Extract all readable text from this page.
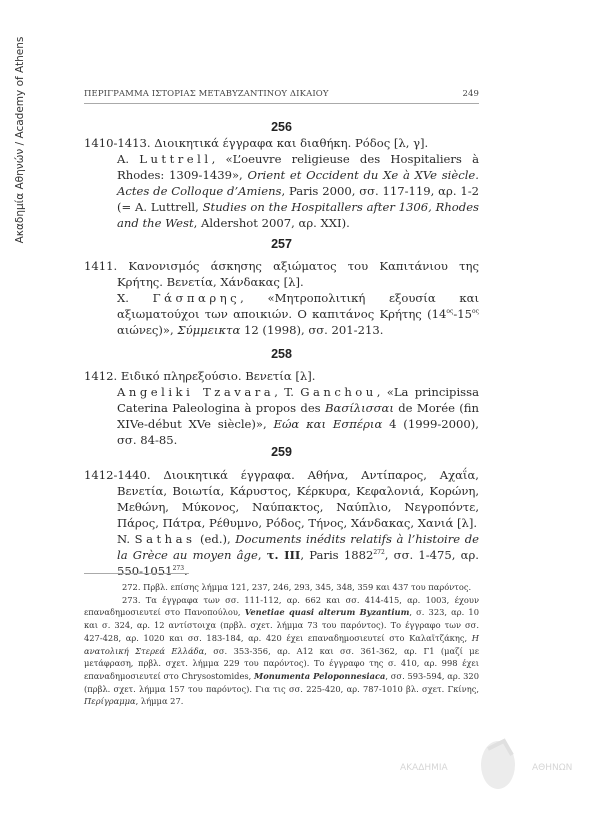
Ακαδημία Αθηνών / Academy of Athens	ΠΕΡΙΓΡΑΜΜΑ ΙΣΤΟΡΙΑΣ ΜΕΤΑΒΥΖΑΝΤΙΝΟΥ ΔΙΚΑΙΟΥ	249
256

1410-1413. Διοικητικά έγγραφα και διαθήκη. Ρόδος [λ, γ].

A. Luttrell, «L’oeuvre religieuse des Hospitaliers à Rhodes: 1309-1439», Orient et Occident du Xe à XVe siècle. Actes de Colloque d’Amiens, Paris 2000, σσ. 117-119, αρ. 1-2 (= A. Luttrell, Studies on the Hospitallers after 1306, Rhodes and the West, Aldershot 2007, αρ. XXI).

257

1411. Κανονισμός άσκησης αξιώματος του Καπιτάνιου της Κρήτης. Βενετία, Χάνδακας [λ].

Χ. Γάσπαρης, «Μητροπολιτική εξουσία και αξιωματούχοι των αποικιών. Ο καπιτάνος Κρήτης ($14^{o\varsigma}-15^{o\varsigma}$ αιώνες)», Σύμμεικτα 12 (1998), σσ. 201-213.

258

1412. Ειδικό πληρεξούσιο. Βενετία [λ].

Angeliki Tzavara, T. Ganchou, «La principissa Caterina Paleologina à propos des Βασίλισσαι de Morée (fin XIVe-début XVe siècle)», Εώα και Εσπέρια 4 (1999-2000), σσ. 84-85.

259

1412-1440. Διοικητικά έγγραφα. Αθήνα, Αντίπαρος, Αχαΐα, Βενετία, Βοιωτία, Κάρυστος, Κέρκυρα, Κεφαλονιά, Κορώνη, Μεθώνη, Μύκονος, Ναύπακτος, Ναύπλιο, Νεγροπόντε, Πάρος, Πάτρα, Ρέθυμνο, Ρόδος, Τήνος, Χάνδακας, Χανιά [λ].

N. Sathas (ed.), Documents inédits relatifs à l’histoire de la Grèce au moyen âge, τ. III, Paris 1882$^{272}$, σσ. 1-475, αρ. 550-1051$^{273}$.

272. Πρβλ. επίσης λήμμα 121, 237, 246, 293, 345, 348, 359 και 437 του παρόντος.

273. Τα έγγραφα των σσ. 111-112, αρ. 662 και σσ. 414-415, αρ. 1003, έχουν επαναδημοσιευτεί στο Πανοπούλου, Venetiae quasi alterum Byzantium, σ. 323, αρ. 10 και σ. 324, αρ. 12 αντίστοιχα (πρβλ. σχετ. λήμμα 73 του παρόντος). Το έγγραφο των σσ. 427-428, αρ. 1020 και σσ. 183-184, αρ. 420 έχει επαναδημοσιευτεί στο Καλαϊτζάκης, Η ανατολική Στερεά Ελλάδα, σσ. 353-356, αρ. Α12 και σσ. 361-362, αρ. Γ1 (μαζί με μετάφραση, πρβλ. σχετ. λήμμα 229 του παρόντος). Το έγγραφο της σ. 410, αρ. 998 έχει επαναδημοσιευτεί στο Chrysostomides, Monumenta Peloponnesiaca, σσ. 593-594, αρ. 320 (πρβλ. σχετ. λήμμα 157 του παρόντος). Για τις σσ. 225-420, αρ. 787-1010 βλ. σχετ. Γκίνης, Περίγραμμα, λήμμα 27.

ΑΚΑΔΗΜΙΑ	ΑΘΗΝΩΝ
